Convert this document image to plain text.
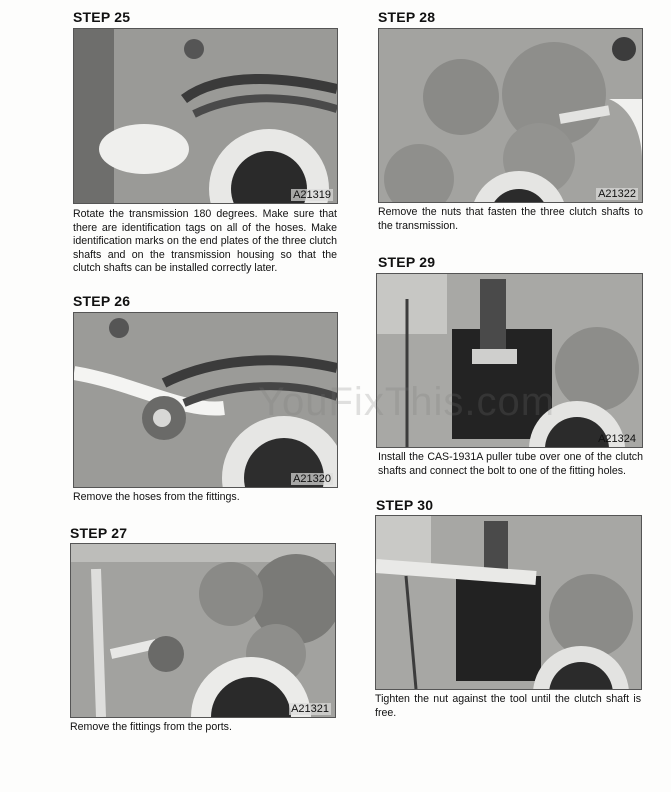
STEP 25
A21319
Rotate the transmission 180 degrees. Make sure that there are identification tags on all of the hoses. Make identification marks on the end plates of the three clutch shafts and on the transmission housing so that the clutch shafts can be installed correctly later.
STEP 26
A21320
Remove the hoses from the fittings.
STEP 27
A21321
Remove the fittings from the ports.
STEP 28
A21322
Remove the nuts that fasten the three clutch shafts to the transmission.
STEP 29
A21324
Install the CAS-1931A puller tube over one of the clutch shafts and connect the bolt to one of the fitting holes.
STEP 30
Tighten the nut against the tool until the clutch shaft is free.
YouFixThis.com
